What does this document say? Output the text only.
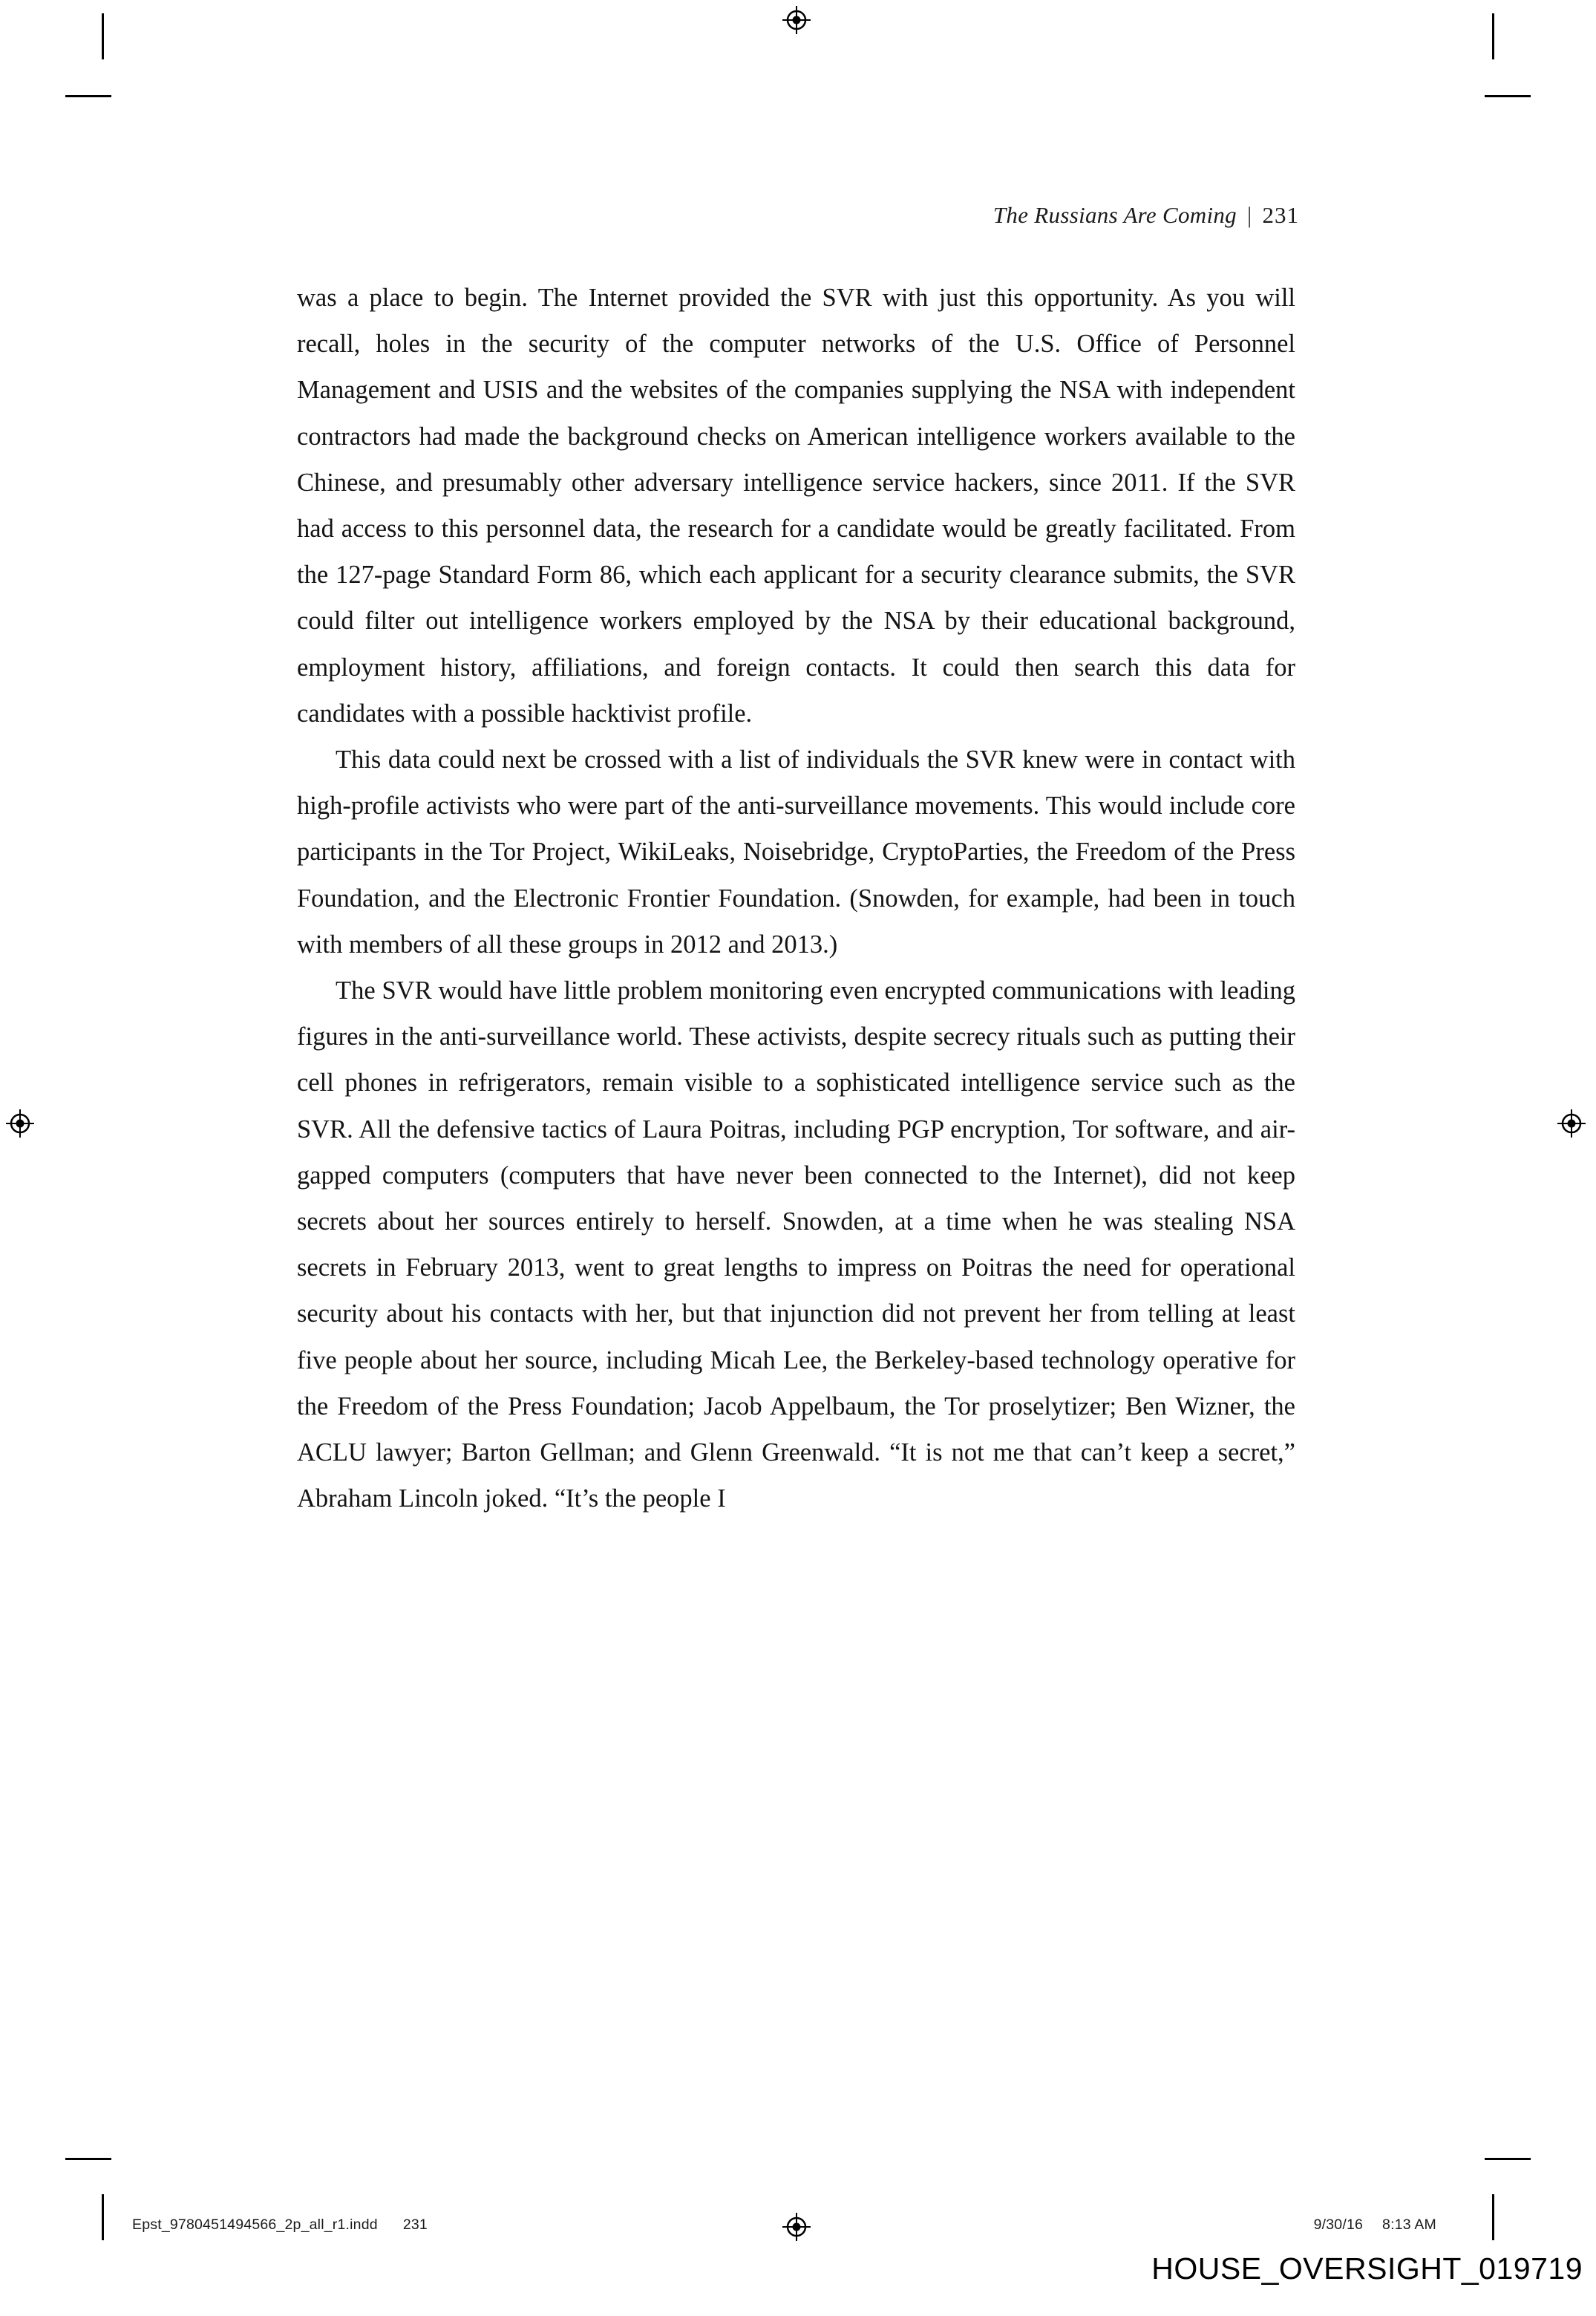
The Russians Are Coming | 231

was a place to begin. The Internet provided the SVR with just this opportunity. As you will recall, holes in the security of the computer networks of the U.S. Office of Personnel Management and USIS and the websites of the companies supplying the NSA with independent contractors had made the background checks on American intelligence workers available to the Chinese, and presumably other adversary intelligence service hackers, since 2011. If the SVR had access to this personnel data, the research for a candidate would be greatly facilitated. From the 127-page Standard Form 86, which each applicant for a security clearance submits, the SVR could filter out intelligence workers employed by the NSA by their educational background, employment history, affiliations, and foreign contacts. It could then search this data for candidates with a possible hacktivist profile.

This data could next be crossed with a list of individuals the SVR knew were in contact with high-profile activists who were part of the anti-surveillance movements. This would include core participants in the Tor Project, WikiLeaks, Noisebridge, CryptoParties, the Freedom of the Press Foundation, and the Electronic Frontier Foundation. (Snowden, for example, had been in touch with members of all these groups in 2012 and 2013.)

The SVR would have little problem monitoring even encrypted communications with leading figures in the anti-surveillance world. These activists, despite secrecy rituals such as putting their cell phones in refrigerators, remain visible to a sophisticated intelligence service such as the SVR. All the defensive tactics of Laura Poitras, including PGP encryption, Tor software, and air-gapped computers (computers that have never been connected to the Internet), did not keep secrets about her sources entirely to herself. Snowden, at a time when he was stealing NSA secrets in February 2013, went to great lengths to impress on Poitras the need for operational security about his contacts with her, but that injunction did not prevent her from telling at least five people about her source, including Micah Lee, the Berkeley-based technology operative for the Freedom of the Press Foundation; Jacob Appelbaum, the Tor proselytizer; Ben Wizner, the ACLU lawyer; Barton Gellman; and Glenn Greenwald. “It is not me that can’t keep a secret,” Abraham Lincoln joked. “It’s the people I

Epst_9780451494566_2p_all_r1.indd 231	9/30/16 8:13 AM
HOUSE_OVERSIGHT_019719
